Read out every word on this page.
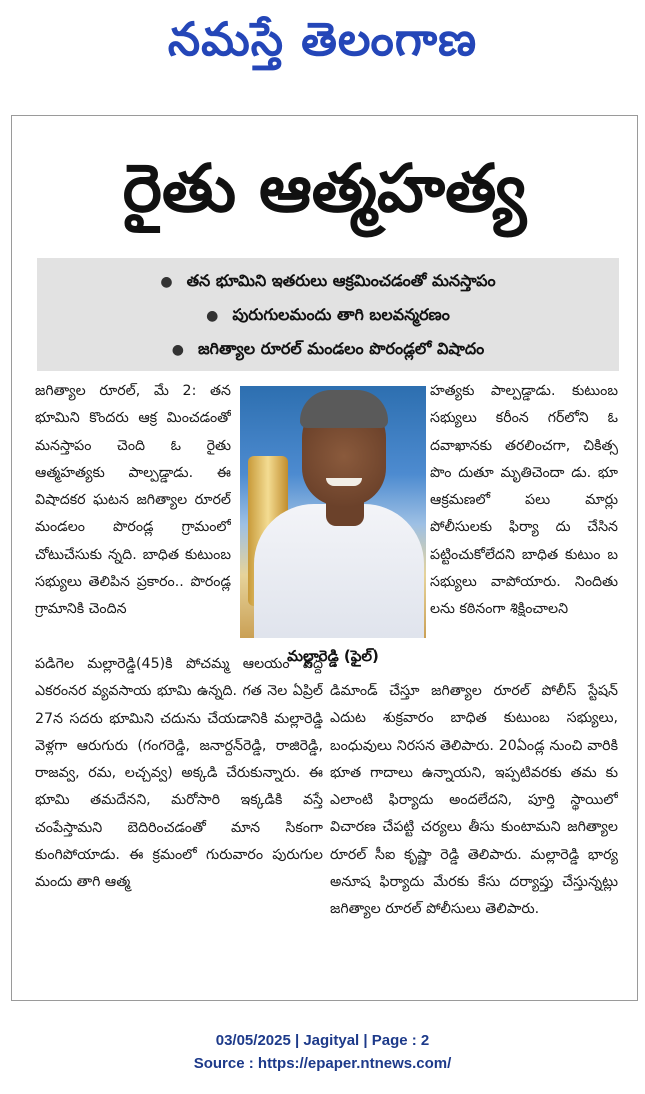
నమస్తే తెలంగాణ
రైతు ఆత్మహత్య
● తన భూమిని ఇతరులు ఆక్రమించడంతో మనస్తాపం
● పురుగులమందు తాగి బలవన్మరణం
● జగిత్యాల రూరల్ మండలం పొరండ్లలో విషాదం

జగిత్యాల రూరల్, మే 2: తన భూమిని కొందరు ఆక్ర మించడంతో మనస్తాపం చెంది ఓ రైతు ఆత్మహత్యకు పాల్పడ్డాడు. ఈ విషాదకర ఘటన జగిత్యాల రూరల్ మండలం పొరండ్ల గ్రామంలో చోటుచేసుకు న్నది. బాధిత కుటుంబ సభ్యులు తెలిపిన ప్రకారం.. పొరండ్ల గ్రామానికి చెందిన

మల్లారెడ్డి (ఫైల్)

హత్యకు పాల్పడ్డాడు. కుటుంబ సభ్యులు కరీంన గర్‌లోని ఓ దవాఖానకు తరలించగా, చికిత్స పొం దుతూ మృతిచెందా డు. భూ ఆక్రమణలో పలు మార్లు పోలీసులకు ఫిర్యా దు చేసిన పట్టించుకోలేదని బాధిత కుటుం బ సభ్యులు వాపోయారు. నిందితు లను కఠినంగా శిక్షించాలని

పడిగెల మల్లారెడ్డి(45)కి పోచమ్మ ఆలయం వద్ద ఎకరంనర వ్యవసాయ భూమి ఉన్నది. గత నెల ఏప్రిల్ 27న సదరు భూమిని చదును చేయడానికి మల్లారెడ్డి వెళ్లగా ఆరుగురు (గంగరెడ్డి, జనార్దన్‌రెడ్డి, రాజిరెడ్డి, రాజవ్వ, రమ, లచ్చవ్వ) అక్కడి చేరుకున్నారు. ఈ భూమి తమదేనని, మరోసారి ఇక్కడికి వస్తే చంపేస్తామని బెదిరించడంతో మాన సికంగా కుంగిపోయాడు. ఈ క్రమంలో గురువారం పురుగుల మందు తాగి ఆత్మ

డిమాండ్ చేస్తూ జగిత్యాల రూరల్ పోలీస్ స్టేషన్ ఎదుట శుక్రవారం బాధిత కుటుంబ సభ్యులు, బంధువులు నిరసన తెలిపారు. 20ఏండ్ల నుంచి వారికి భూత గాదాలు ఉన్నాయని, ఇప్పటివరకు తమ కు ఎలాంటి ఫిర్యాదు అందలేదని, పూర్తి స్థాయిలో విచారణ చేపట్టి చర్యలు తీసు కుంటామని జగిత్యాల రూరల్ సీఐ కృష్ణా రెడ్డి తెలిపారు. మల్లారెడ్డి భార్య అనూష ఫిర్యాదు మేరకు కేసు దర్యాప్తు చేస్తున్నట్లు జగిత్యాల రూరల్ పోలీసులు తెలిపారు.

03/05/2025 | Jagityal | Page : 2
Source : https://epaper.ntnews.com/
